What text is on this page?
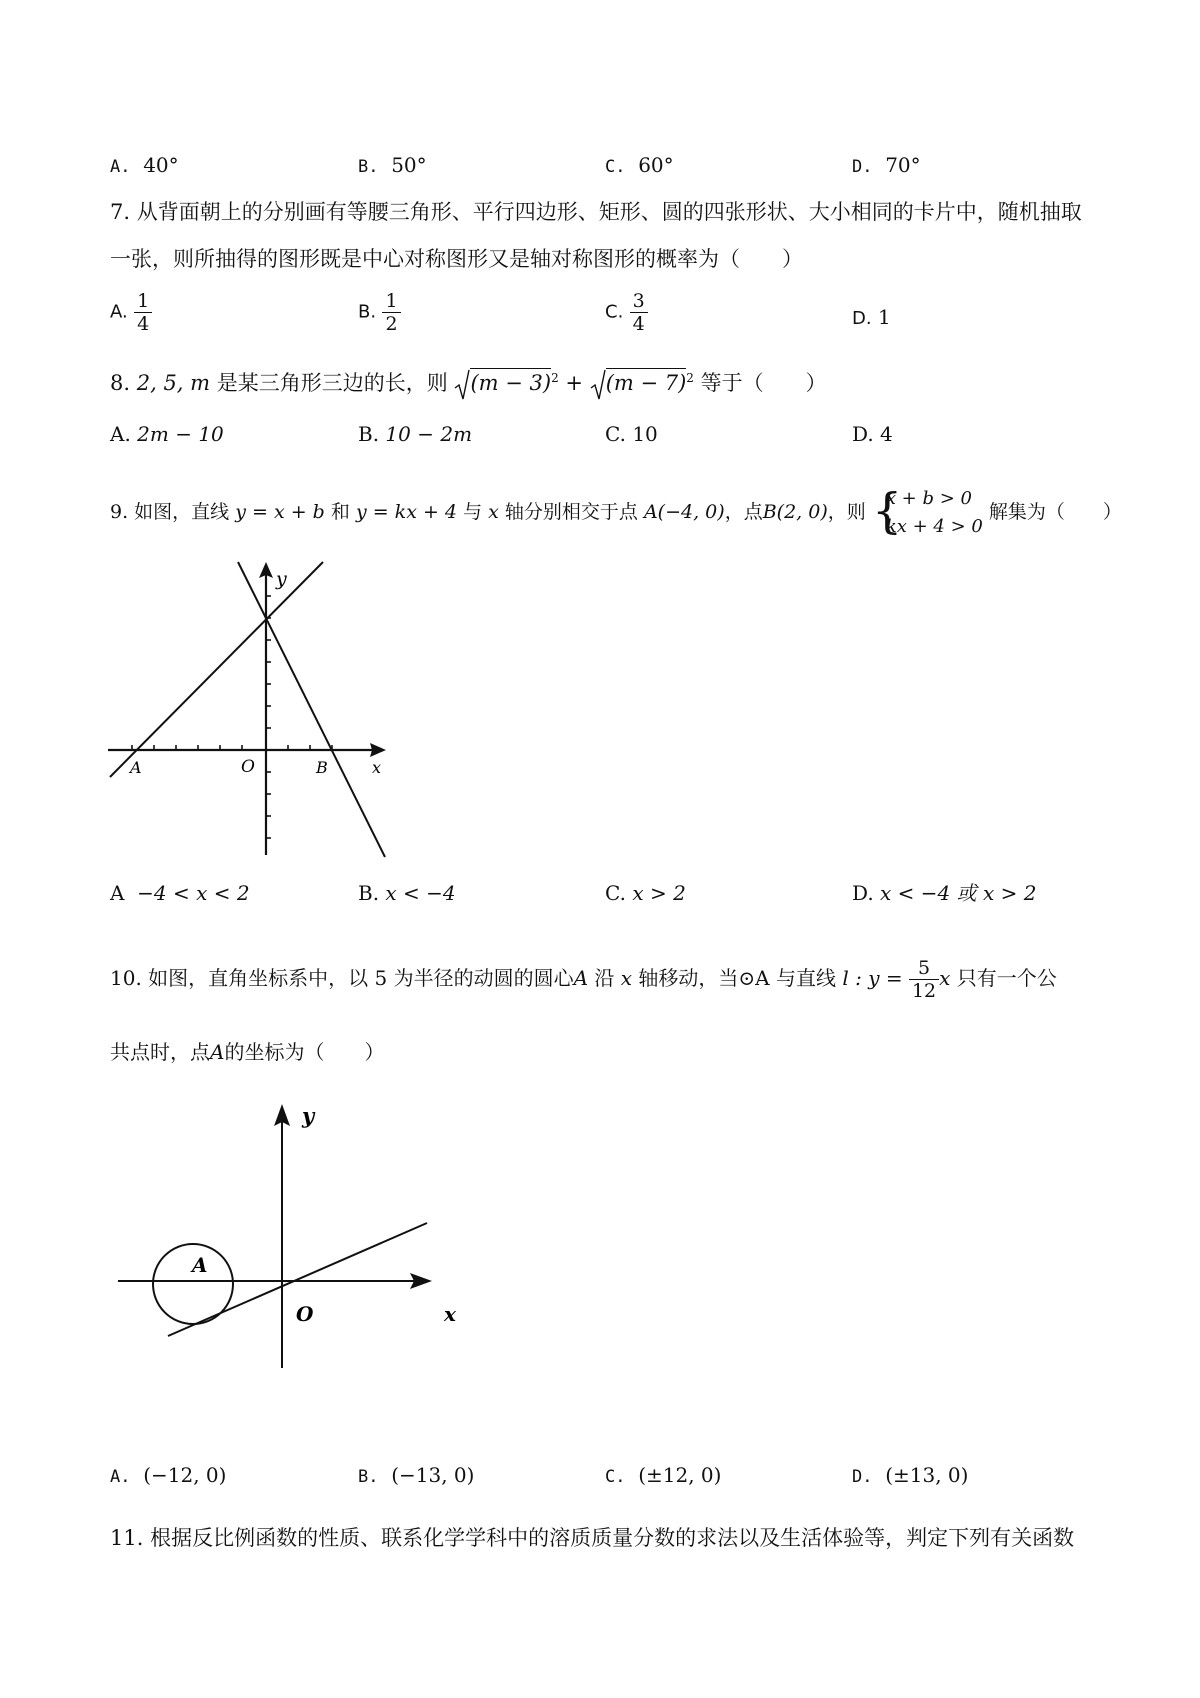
A. 40°	B. 50°	C. 60°	D. 70°
7. 从背面朝上的分别画有等腰三角形、平行四边形、矩形、圆的四张形状、大小相同的卡片中，随机抽取
一张，则所抽得的图形既是中心对称图形又是轴对称图形的概率为（　　）
A. $\frac{1}{4}$	B. $\frac{1}{2}$	C. $\frac{3}{4}$	D. 1
8. 2, 5, m 是某三角形三边的长，则 $(m - 3)^2 + (m - 7)^2$ 等于（　　）
A. 2m − 10	B. 10 − 2m	C. 10	D. 4
9. 如图，直线 y = x + b 和 y = kx + 4 与 x 轴分别相交于点 A(−4, 0)，点B(2, 0)，则 {
x + b > 0
kx + 4 > 0
解集为（　　）
y
x
O
A	B
A −4 < x < 2	B. x < −4	C. x > 2	D. x < −4 或 x > 2
10. 如图，直角坐标系中，以 5 为半径的动圆的圆心A 沿 x 轴移动，当⊙A 与直线 l : $y = \frac{5}{12}$ x 只有一个公
共点时，点A的坐标为（　　）
y
x
O
A
A. (−12, 0)	B. (−13, 0)	C. (±12, 0)	D. (±13, 0)
11. 根据反比例函数的性质、联系化学学科中的溶质质量分数的求法以及生活体验等，判定下列有关函数
